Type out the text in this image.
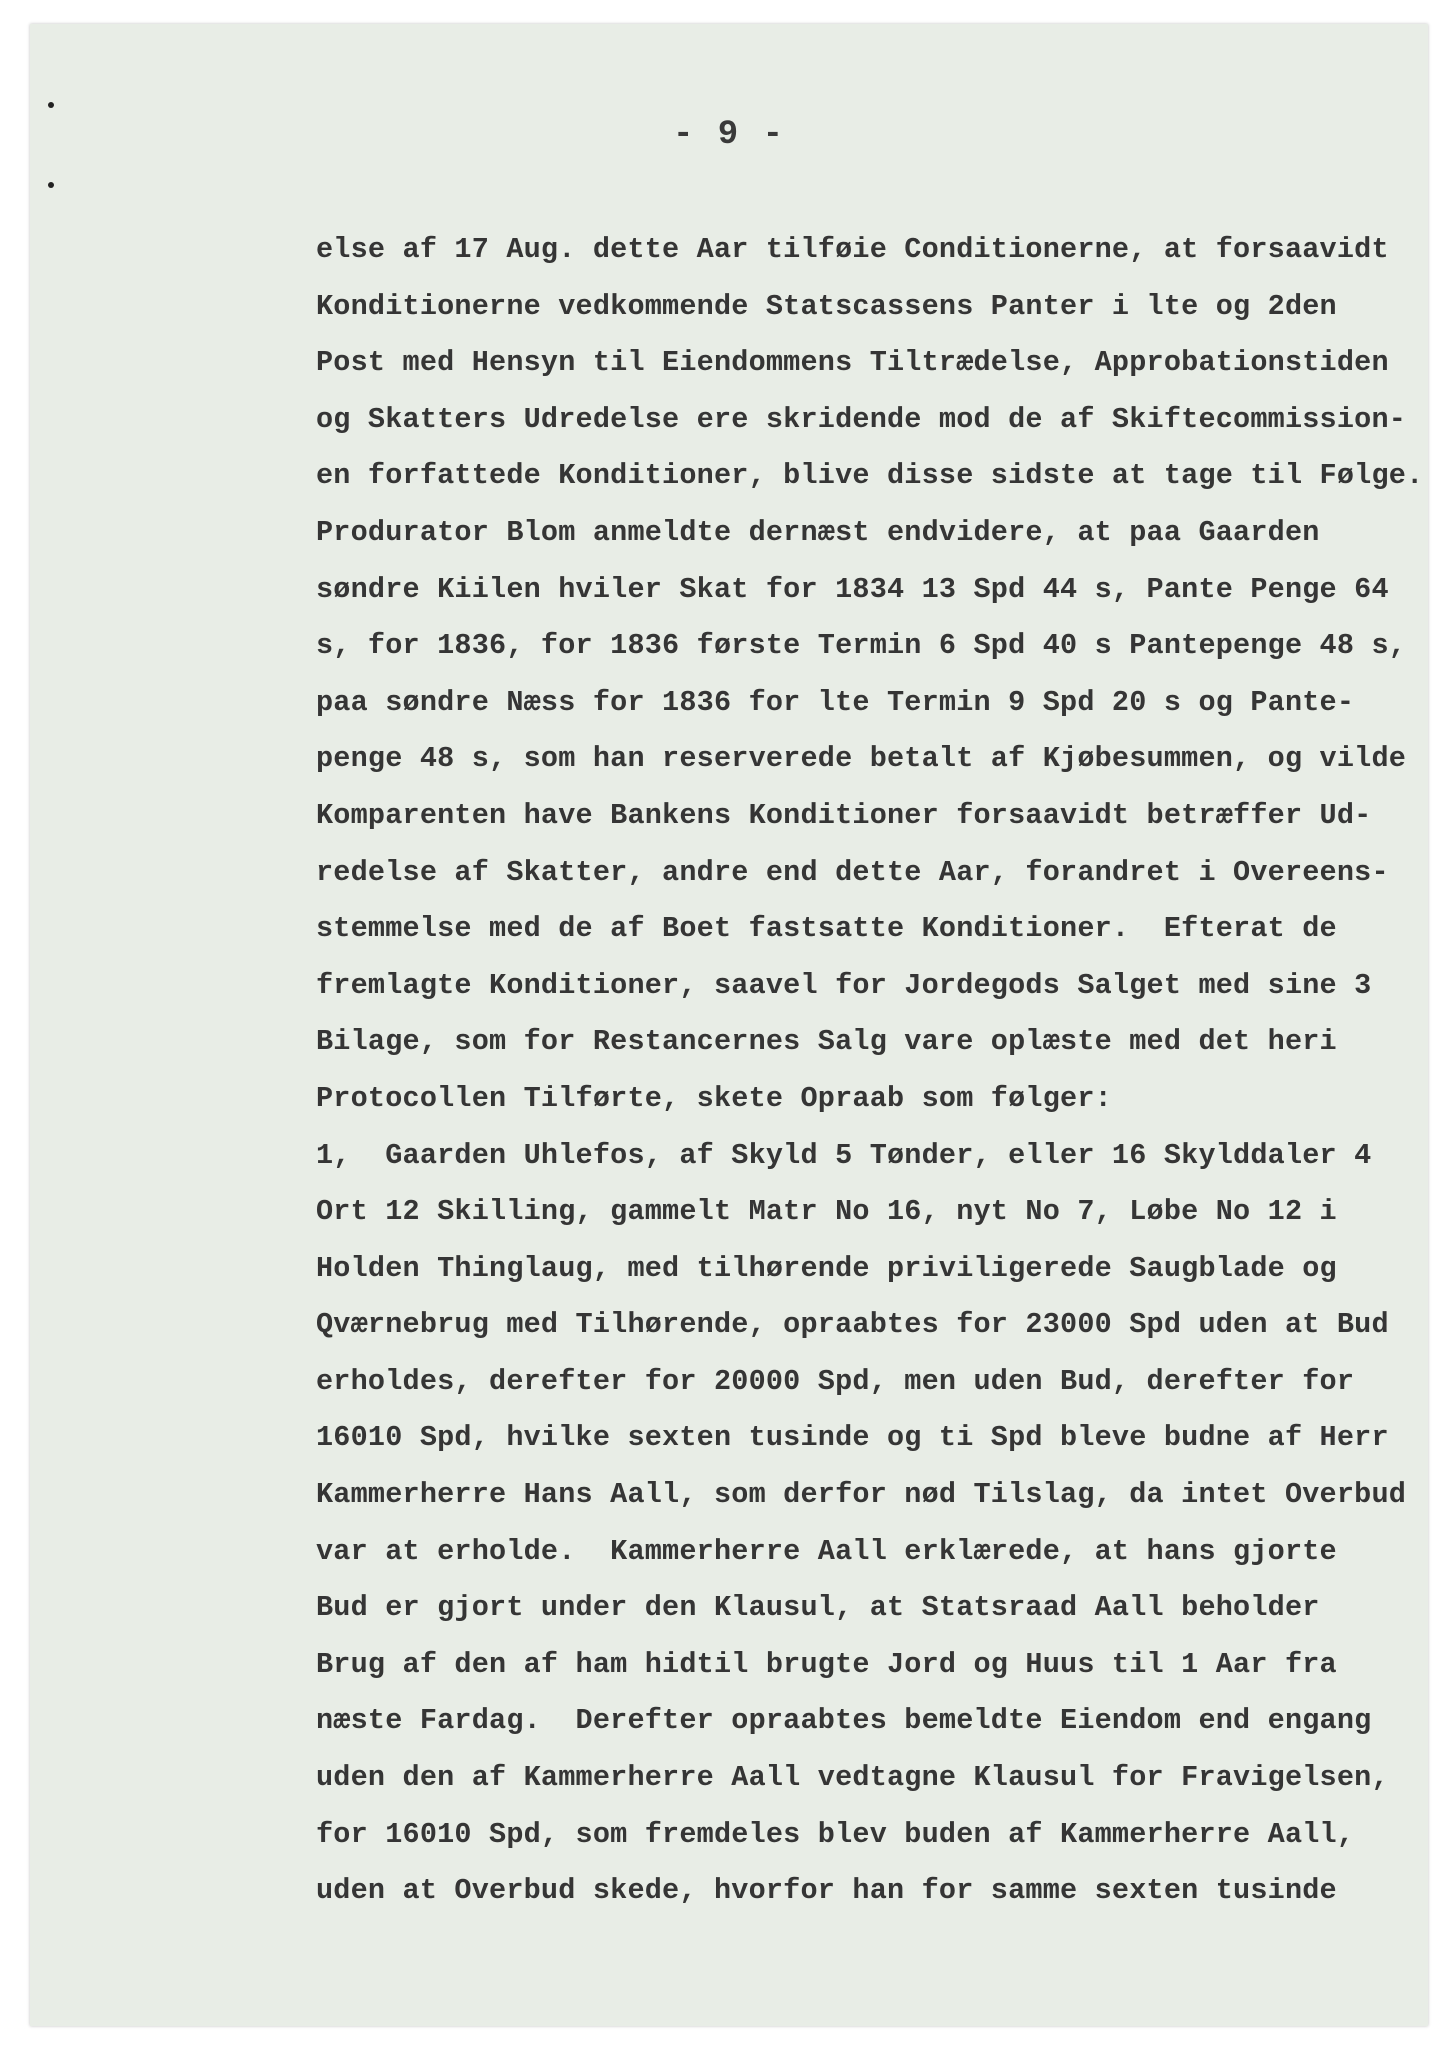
- 9 -
else af 17 Aug. dette Aar tilføie Conditionerne, at forsaavidt
Konditionerne vedkommende Statscassens Panter i lte og 2den
Post med Hensyn til Eiendommens Tiltrædelse, Approbationstiden
og Skatters Udredelse ere skridende mod de af Skiftecommission-
en forfattede Konditioner, blive disse sidste at tage til Følge.
Produrator Blom anmeldte dernæst endvidere, at paa Gaarden
søndre Kiilen hviler Skat for 1834 13 Spd 44 s, Pante Penge 64
s, for 1836, for 1836 første Termin 6 Spd 40 s Pantepenge 48 s,
paa søndre Næss for 1836 for lte Termin 9 Spd 20 s og Pante-
penge 48 s, som han reserverede betalt af Kjøbesummen, og vilde
Komparenten have Bankens Konditioner forsaavidt betræffer Ud-
redelse af Skatter, andre end dette Aar, forandret i Overeens-
stemmelse med de af Boet fastsatte Konditioner.  Efterat de
fremlagte Konditioner, saavel for Jordegods Salget med sine 3
Bilage, som for Restancernes Salg vare oplæste med det heri
Protocollen Tilførte, skete Opraab som følger:
1,  Gaarden Uhlefos, af Skyld 5 Tønder, eller 16 Skylddaler 4
Ort 12 Skilling, gammelt Matr No 16, nyt No 7, Løbe No 12 i
Holden Thinglaug, med tilhørende priviligerede Saugblade og
Qværnebrug med Tilhørende, opraabtes for 23000 Spd uden at Bud
erholdes, derefter for 20000 Spd, men uden Bud, derefter for
16010 Spd, hvilke sexten tusinde og ti Spd bleve budne af Herr
Kammerherre Hans Aall, som derfor nød Tilslag, da intet Overbud
var at erholde.  Kammerherre Aall erklærede, at hans gjorte
Bud er gjort under den Klausul, at Statsraad Aall beholder
Brug af den af ham hidtil brugte Jord og Huus til 1 Aar fra
næste Fardag.  Derefter opraabtes bemeldte Eiendom end engang
uden den af Kammerherre Aall vedtagne Klausul for Fravigelsen,
for 16010 Spd, som fremdeles blev buden af Kammerherre Aall,
uden at Overbud skede, hvorfor han for samme sexten tusinde
